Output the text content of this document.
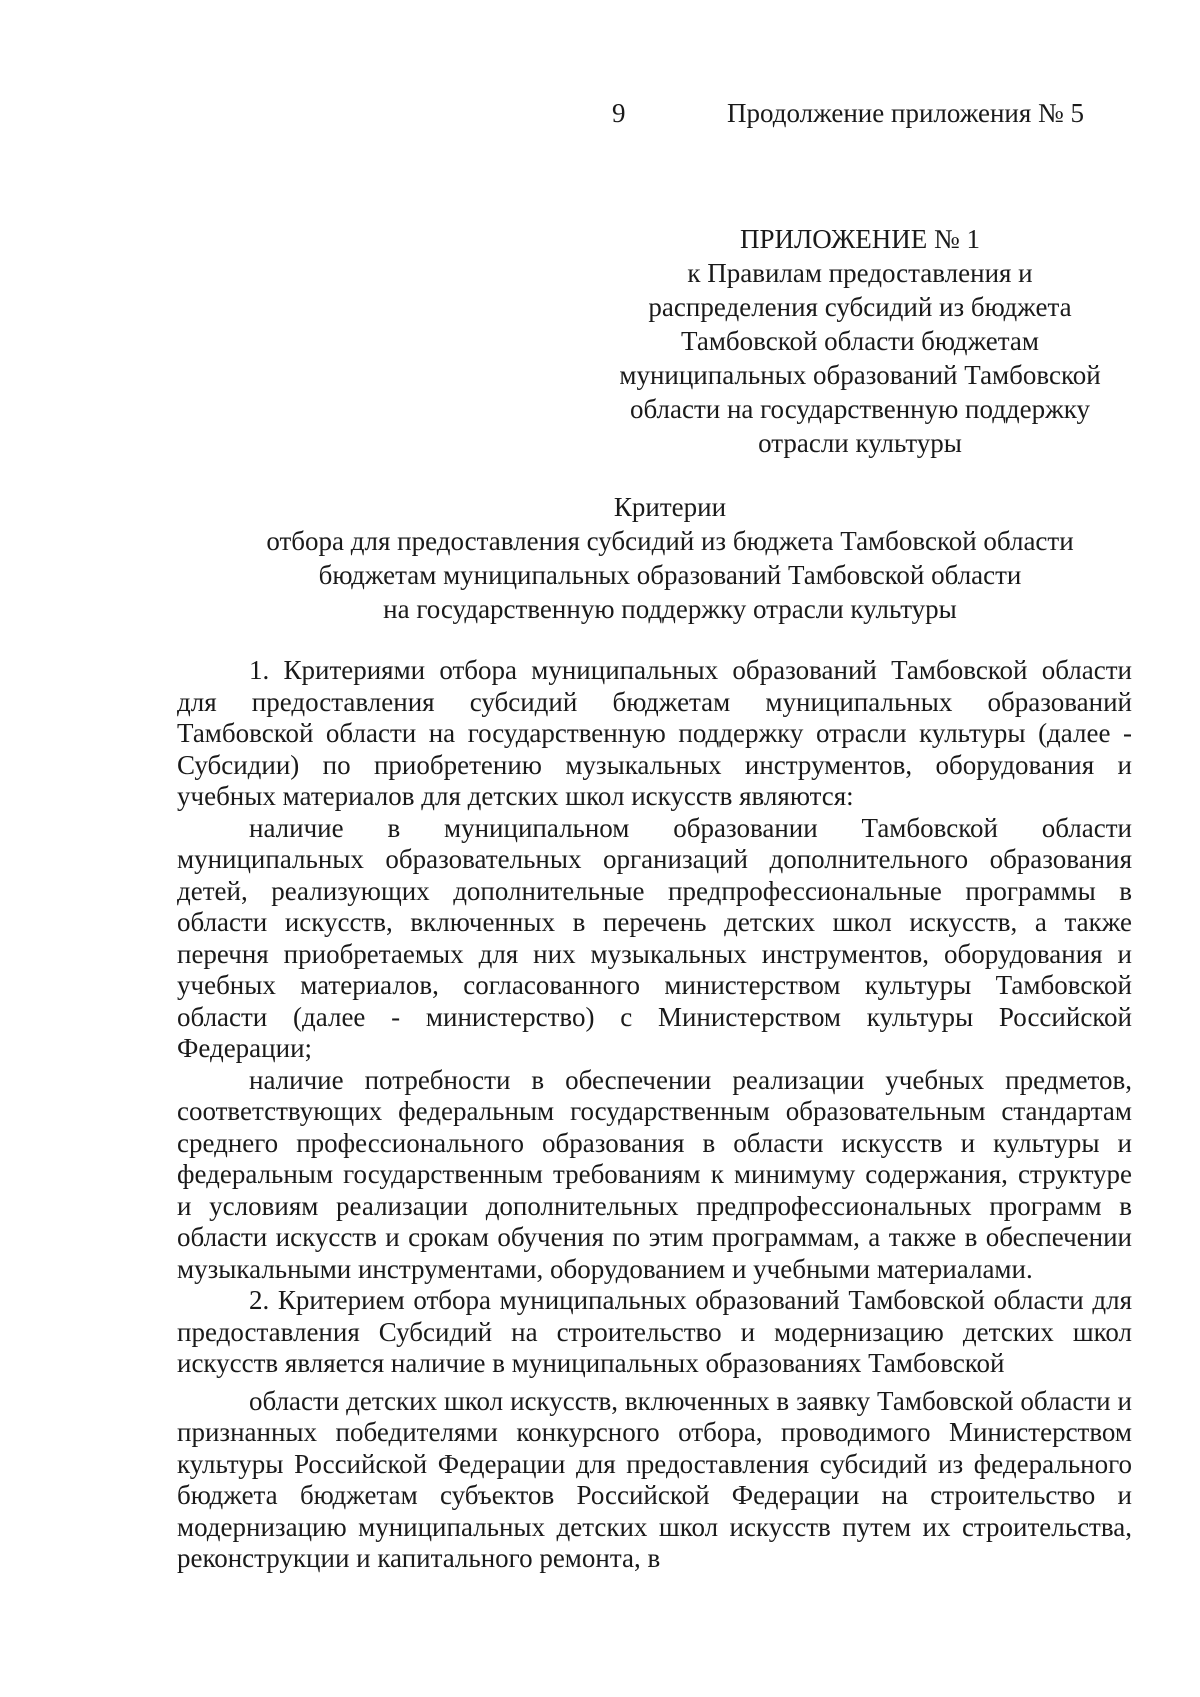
9	Продолжение приложения № 5
ПРИЛОЖЕНИЕ № 1
к Правилам предоставления и
распределения субсидий из бюджета
Тамбовской области бюджетам
муниципальных образований Тамбовской
области на государственную поддержку
отрасли культуры
Критерии
отбора для предоставления субсидий из бюджета Тамбовской области
бюджетам муниципальных образований Тамбовской области
на государственную поддержку отрасли культуры

1. Критериями отбора муниципальных образований Тамбовской области для предоставления субсидий бюджетам муниципальных образований Тамбовской области на государственную поддержку отрасли культуры (далее - Субсидии) по приобретению музыкальных инструментов, оборудования и учебных материалов для детских школ искусств являются:

наличие в муниципальном образовании Тамбовской области муниципальных образовательных организаций дополнительного образования детей, реализующих дополнительные предпрофессиональные программы в области искусств, включенных в перечень детских школ искусств, а также перечня приобретаемых для них музыкальных инструментов, оборудования и учебных материалов, согласованного министерством культуры Тамбовской области (далее - министерство) с Министерством культуры Российской Федерации;

наличие потребности в обеспечении реализации учебных предметов, соответствующих федеральным государственным образовательным стандартам среднего профессионального образования в области искусств и культуры и федеральным государственным требованиям к минимуму содержания, структуре и условиям реализации дополнительных предпрофессиональных программ в области искусств и срокам обучения по этим программам, а также в обеспечении музыкальными инструментами, оборудованием и учебными материалами.

2. Критерием отбора муниципальных образований Тамбовской области для предоставления Субсидий на строительство и модернизацию детских школ искусств является наличие в муниципальных образованиях Тамбовской

области детских школ искусств, включенных в заявку Тамбовской области и признанных победителями конкурсного отбора, проводимого Министерством культуры Российской Федерации для предоставления субсидий из федерального бюджета бюджетам субъектов Российской Федерации на строительство и модернизацию муниципальных детских школ искусств путем их строительства, реконструкции и капитального ремонта, в
